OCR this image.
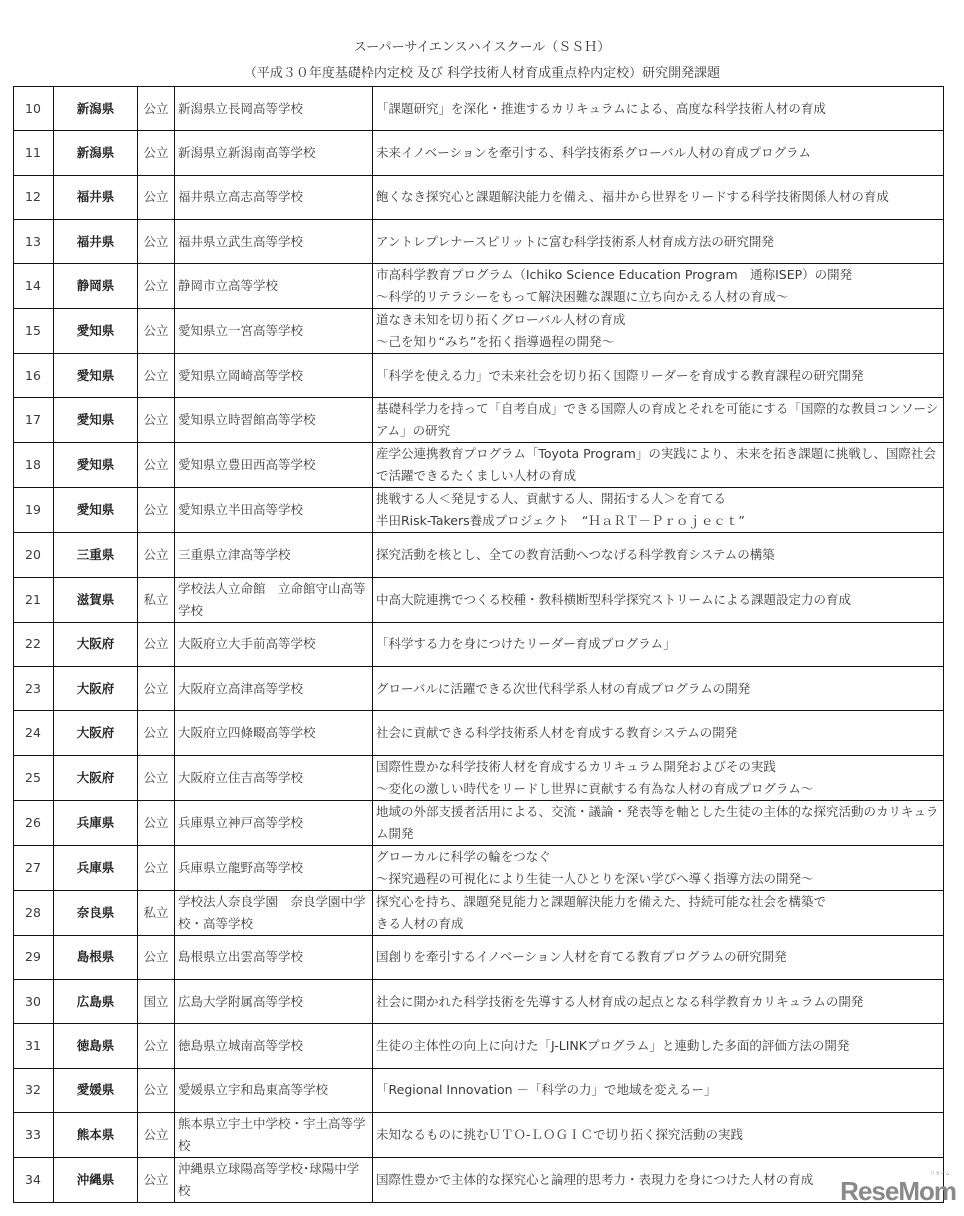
スーパーサイエンスハイスクール（ＳＳＨ）
（平成３０年度基礎枠内定校 及び 科学技術人材育成重点枠内定校）研究開発課題
10	新潟県	公立	新潟県立長岡高等学校	「課題研究」を深化・推進するカリキュラムによる、高度な科学技術人材の育成
11	新潟県	公立	新潟県立新潟南高等学校	未来イノベーションを牽引する、科学技術系グローバル人材の育成プログラム
12	福井県	公立	福井県立高志高等学校	飽くなき探究心と課題解決能力を備え、福井から世界をリードする科学技術関係人材の育成
13	福井県	公立	福井県立武生高等学校	アントレプレナースピリットに富む科学技術系人材育成方法の研究開発
14	静岡県	公立	静岡市立高等学校	市高科学教育プログラム（Ichiko Science Education Program　通称ISEP）の開発
～科学的リテラシーをもって解決困難な課題に立ち向かえる人材の育成～
15	愛知県	公立	愛知県立一宮高等学校	道なき未知を切り拓くグローバル人材の育成
～己を知り“みち”を拓く指導過程の開発～
16	愛知県	公立	愛知県立岡崎高等学校	「科学を使える力」で未来社会を切り拓く国際リーダーを育成する教育課程の研究開発
17	愛知県	公立	愛知県立時習館高等学校	基礎科学力を持って「自考自成」できる国際人の育成とそれを可能にする「国際的な教員コンソーシアム」の研究
18	愛知県	公立	愛知県立豊田西高等学校	産学公連携教育プログラム「Toyota Program」の実践により、未来を拓き課題に挑戦し、国際社会で活躍できるたくましい人材の育成
19	愛知県	公立	愛知県立半田高等学校	挑戦する人＜発見する人、貢献する人、開拓する人＞を育てる
半田Risk-Takers養成プロジェクト　“ＨａＲＴ－Ｐｒｏｊｅｃｔ”
20	三重県	公立	三重県立津高等学校	探究活動を核とし、全ての教育活動へつなげる科学教育システムの構築
21	滋賀県	私立	学校法人立命館　立命館守山高等学校	中高大院連携でつくる校種・教科横断型科学探究ストリームによる課題設定力の育成
22	大阪府	公立	大阪府立大手前高等学校	「科学する力を身につけたリーダー育成プログラム」
23	大阪府	公立	大阪府立高津高等学校	グローバルに活躍できる次世代科学系人材の育成プログラムの開発
24	大阪府	公立	大阪府立四條畷高等学校	社会に貢献できる科学技術系人材を育成する教育システムの開発
25	大阪府	公立	大阪府立住吉高等学校	国際性豊かな科学技術人材を育成するカリキュラム開発およびその実践
～変化の激しい時代をリードし世界に貢献する有為な人材の育成プログラム～
26	兵庫県	公立	兵庫県立神戸高等学校	地域の外部支援者活用による、交流・議論・発表等を軸とした生徒の主体的な探究活動のカリキュラム開発
27	兵庫県	公立	兵庫県立龍野高等学校	グローカルに科学の輪をつなぐ
～探究過程の可視化により生徒一人ひとりを深い学びへ導く指導方法の開発～
28	奈良県	私立	学校法人奈良学園　奈良学園中学校・高等学校	探究心を持ち、課題発見能力と課題解決能力を備えた、持続可能な社会を構築で
きる人材の育成
29	島根県	公立	島根県立出雲高等学校	国創りを牽引するイノベーション人材を育てる教育プログラムの研究開発
30	広島県	国立	広島大学附属高等学校	社会に開かれた科学技術を先導する人材育成の起点となる科学教育カリキュラムの開発
31	徳島県	公立	徳島県立城南高等学校	生徒の主体性の向上に向けた「J-LINKプログラム」と連動した多面的評価方法の開発
32	愛媛県	公立	愛媛県立宇和島東高等学校	「Regional Innovation －「科学の力」で地域を変えるー」
33	熊本県	公立	熊本県立宇土中学校・宇土高等学校	未知なるものに挑むＵＴＯ-ＬＯＧＩＣで切り拓く探究活動の実践
34	沖縄県	公立	沖縄県立球陽高等学校･球陽中学校	国際性豊かで主体的な探究心と論理的思考力・表現力を身につけた人材の育成	リセマム
ReseMom
